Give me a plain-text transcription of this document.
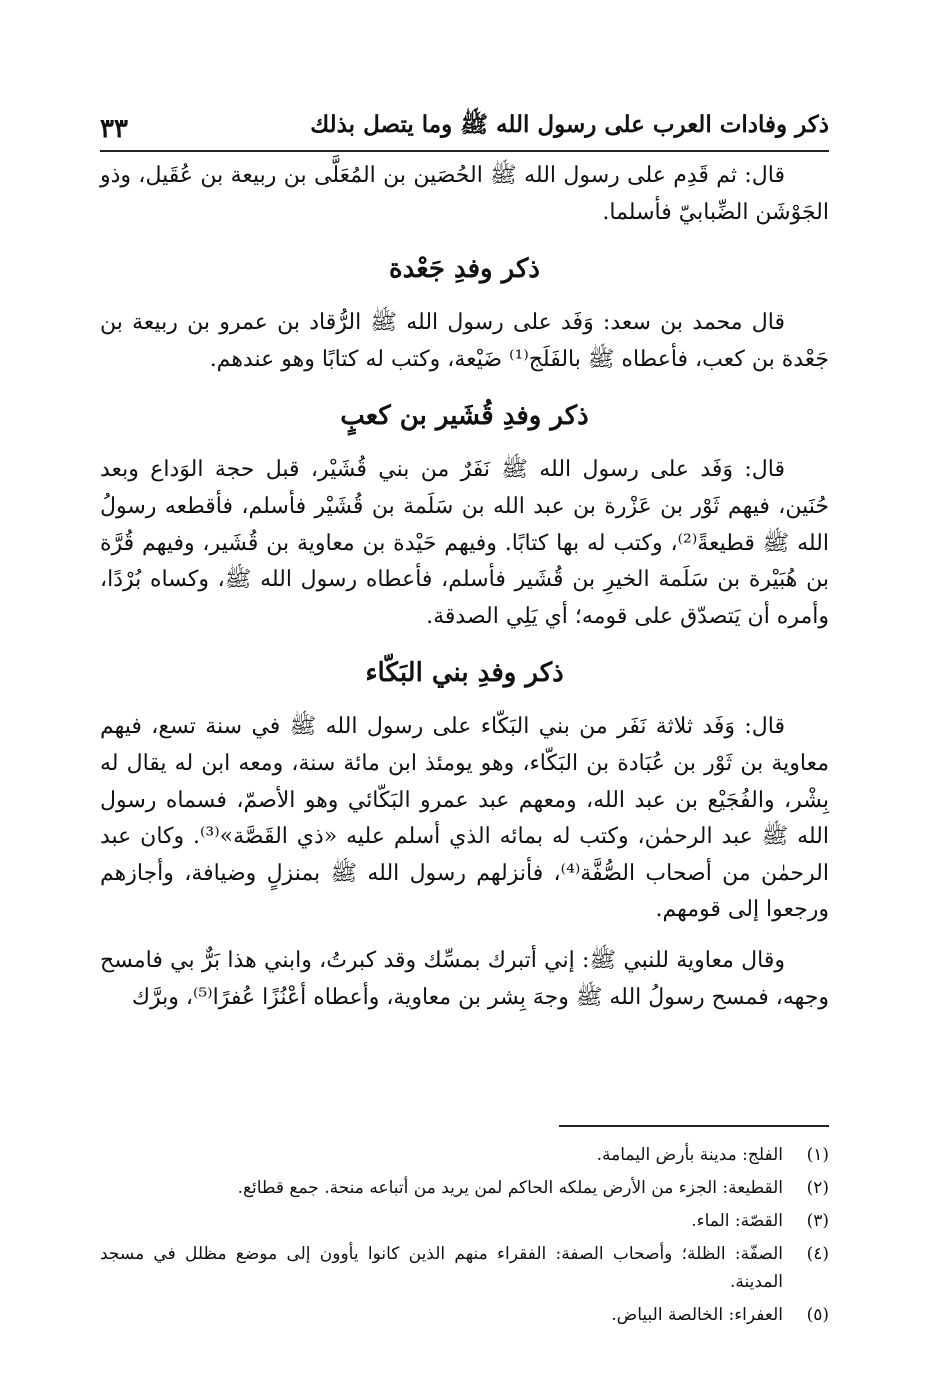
ذكر وفادات العرب على رسول الله ﷺ وما يتصل بذلك
٣٣

قال: ثم قَدِم على رسول الله ﷺ الحُصَين بن المُعَلَّى بن ربيعة بن عُقَيل، وذو الجَوْشَن الضِّبابيّ فأسلما.

ذكر وفدِ جَعْدة

قال محمد بن سعد: وَفَد على رسول الله ﷺ الرُّقاد بن عمرو بن ربيعة بن جَعْدة بن كعب، فأعطاه ﷺ بالفَلَج⁽¹⁾ ضَيْعة، وكتب له كتابًا وهو عندهم.

ذكر وفدِ قُشَير بن كعبٍ

قال: وَفَد على رسول الله ﷺ نَفَرٌ من بني قُشَيْر، قبل حجة الوَداع وبعد حُنَين، فيهم ثَوْر بن عَزْرة بن عبد الله بن سَلَمة بن قُشَيْر فأسلم، فأقطعه رسولُ الله ﷺ قطيعةً⁽²⁾، وكتب له بها كتابًا. وفيهم حَيْدة بن معاوية بن قُشَير، وفيهم قُرَّة بن هُبَيْرة بن سَلَمة الخيرِ بن قُشَير فأسلم، فأعطاه رسول الله ﷺ، وكساه بُرْدًا، وأمره أن يَتصدّق على قومه؛ أي يَلِي الصدقة.

ذكر وفدِ بني البَكّاء

قال: وَفَد ثلاثة نَفَر من بني البَكّاء على رسول الله ﷺ في سنة تسع، فيهم معاوية بن ثَوْر بن عُبَادة بن البَكّاء، وهو يومئذ ابن مائة سنة، ومعه ابن له يقال له بِشْر، والفُجَيْع بن عبد الله، ومعهم عبد عمرو البَكّائي وهو الأصمّ، فسماه رسول الله ﷺ عبد الرحمٰن، وكتب له بمائه الذي أسلم عليه «ذي القَصَّة»⁽³⁾. وكان عبد الرحمٰن من أصحاب الصُّفَّة⁽⁴⁾، فأنزلهم رسول الله ﷺ بمنزلٍ وضيافة، وأجازهم ورجعوا إلى قومهم.

وقال معاوية للنبي ﷺ: إني أتبرك بمسِّك وقد كبرتُ، وابني هذا بَرٌّ بي فامسح وجهه، فمسح رسولُ الله ﷺ وجهَ بِشر بن معاوية، وأعطاه أعْنُزًا عُفرًا⁽⁵⁾، وبرَّك

(١)
الفلج: مدينة بأرض اليمامة.
(٢)
القطيعة: الجزء من الأرض يملكه الحاكم لمن يريد من أتباعه منحة. جمع قطائع.
(٣)
القصّة: الماء.
(٤)
الصفّة: الظلة؛ وأصحاب الصفة: الفقراء منهم الذين كانوا يأوون إلى موضع مظلل في مسجد المدينة.
(٥)
العفراء: الخالصة البياض.
